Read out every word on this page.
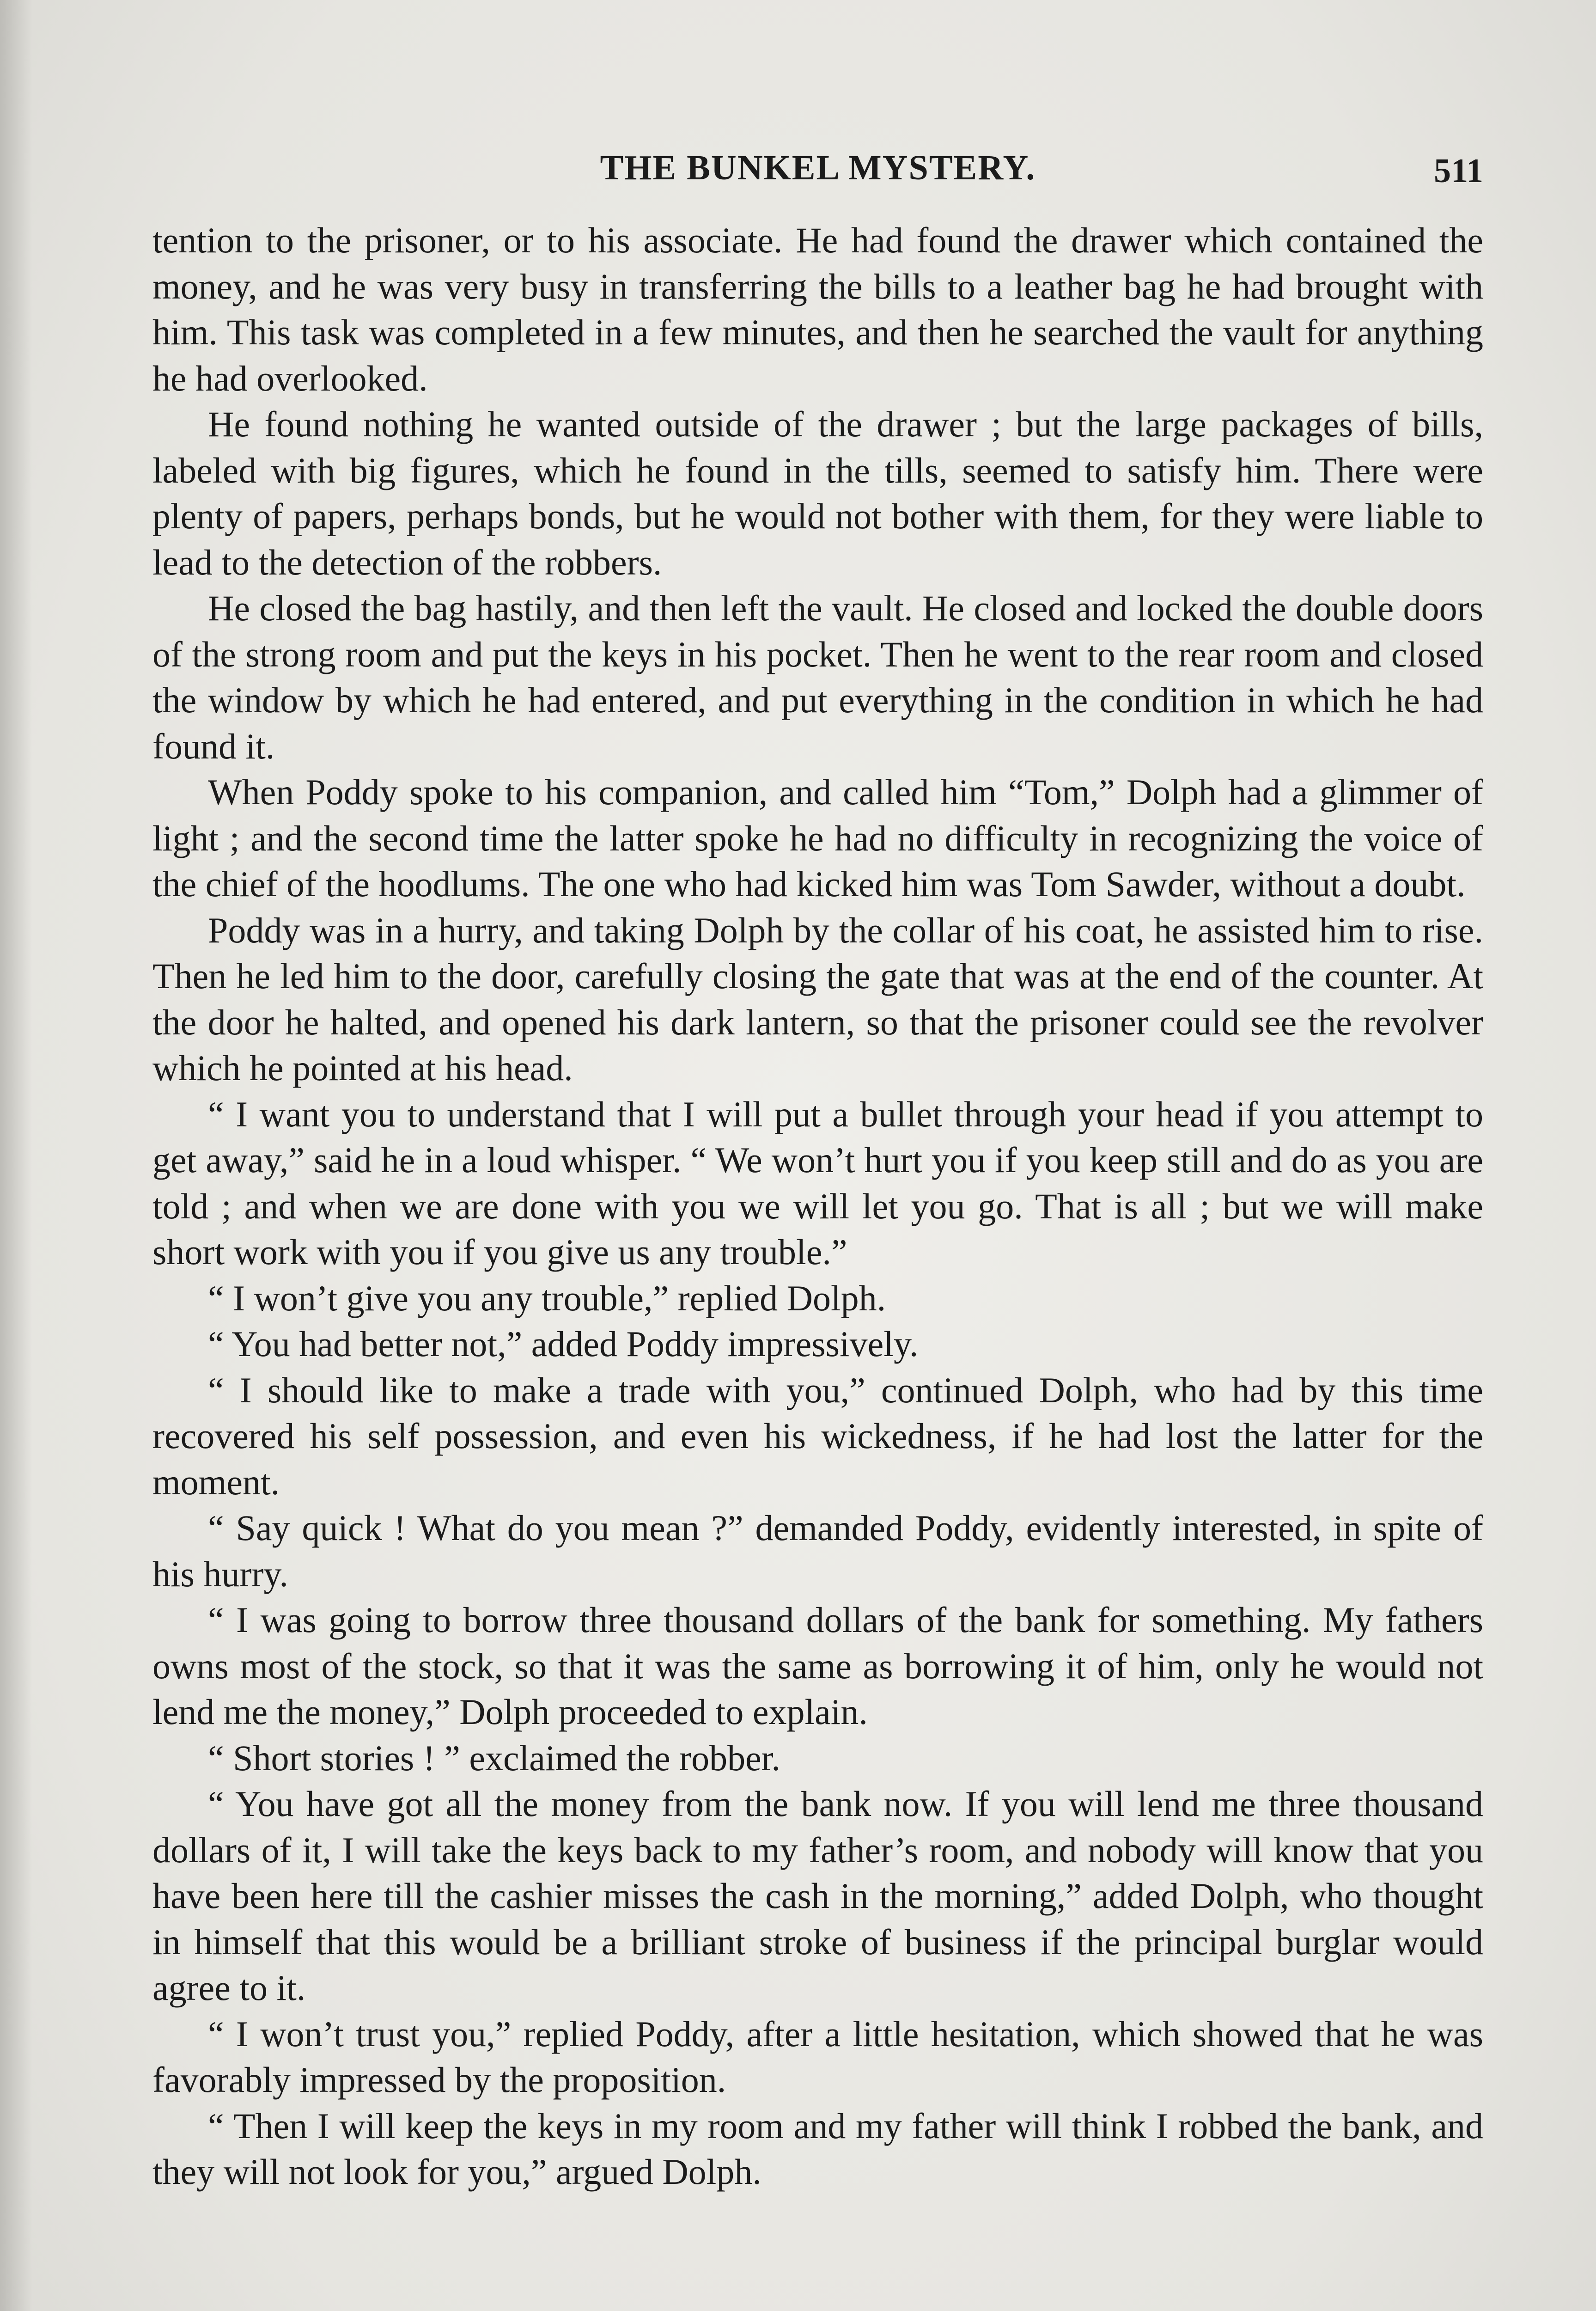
THE BUNKEL MYSTERY.	511

tention to the prisoner, or to his associate. He had found the drawer which contained the money, and he was very busy in transferring the bills to a leather bag he had brought with him. This task was completed in a few minutes, and then he searched the vault for anything he had overlooked.

He found nothing he wanted outside of the drawer ; but the large packages of bills, labeled with big figures, which he found in the tills, seemed to satisfy him. There were plenty of papers, perhaps bonds, but he would not bother with them, for they were liable to lead to the detection of the robbers.

He closed the bag hastily, and then left the vault. He closed and locked the double doors of the strong room and put the keys in his pocket. Then he went to the rear room and closed the window by which he had entered, and put everything in the condition in which he had found it.

When Poddy spoke to his companion, and called him “Tom,” Dolph had a glimmer of light ; and the second time the latter spoke he had no difficulty in recognizing the voice of the chief of the hoodlums. The one who had kicked him was Tom Sawder, without a doubt.

Poddy was in a hurry, and taking Dolph by the collar of his coat, he assisted him to rise. Then he led him to the door, carefully closing the gate that was at the end of the counter. At the door he halted, and opened his dark lantern, so that the prisoner could see the revolver which he pointed at his head.

“ I want you to understand that I will put a bullet through your head if you attempt to get away,” said he in a loud whisper. “ We won’t hurt you if you keep still and do as you are told ; and when we are done with you we will let you go. That is all ; but we will make short work with you if you give us any trouble.”

“ I won’t give you any trouble,” replied Dolph.

“ You had better not,” added Poddy impressively.

“ I should like to make a trade with you,” continued Dolph, who had by this time recovered his self possession, and even his wickedness, if he had lost the latter for the moment.

“ Say quick ! What do you mean ?” demanded Poddy, evidently interested, in spite of his hurry.

“ I was going to borrow three thousand dollars of the bank for something. My fathers owns most of the stock, so that it was the same as borrowing it of him, only he would not lend me the money,” Dolph proceeded to explain.

“ Short stories ! ” exclaimed the robber.

“ You have got all the money from the bank now. If you will lend me three thousand dollars of it, I will take the keys back to my father’s room, and nobody will know that you have been here till the cashier misses the cash in the morning,” added Dolph, who thought in himself that this would be a brilliant stroke of business if the principal burglar would agree to it.

“ I won’t trust you,” replied Poddy, after a little hesitation, which showed that he was favorably impressed by the proposition.

“ Then I will keep the keys in my room and my father will think I robbed the bank, and they will not look for you,” argued Dolph.
